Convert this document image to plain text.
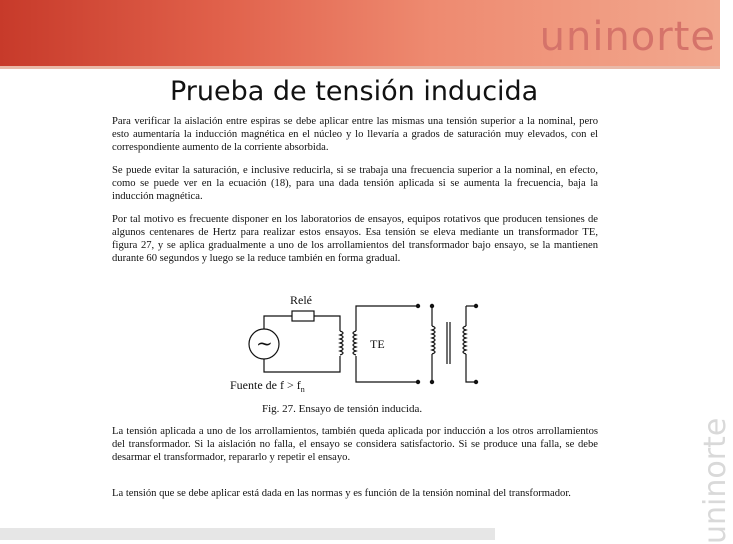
uninorte
uninorte
Prueba de tensión inducida

Para verificar la aislación entre espiras se debe aplicar entre las mismas una tensión superior a la nominal, pero esto aumentaría la inducción magnética en el núcleo y lo llevaría a grados de saturación muy elevados, con el correspondiente aumento de la corriente absorbida.

Se puede evitar la saturación, e inclusive reducirla, si se trabaja una frecuencia superior a la nominal, en efecto, como se puede ver en la ecuación (18), para una dada tensión aplicada si se aumenta la frecuencia, baja la inducción magnética.

Por tal motivo es frecuente disponer en los laboratorios de ensayos, equipos rotativos que producen tensiones de algunos centenares de Hertz para realizar estos ensayos. Esa tensión se eleva mediante un transformador TE, figura 27, y se aplica gradualmente a uno de los arrollamientos del transformador bajo ensayo, se la mantienen durante 60 segundos y luego se la reduce también en forma gradual.

~
Relé
TE
Fuente de $f > f_n$

Fig. 27. Ensayo de tensión inducida.

La tensión aplicada a uno de los arrollamientos, también queda aplicada por inducción a los otros arrollamientos del transformador. Si la aislación no falla, el ensayo se considera satisfactorio. Si se produce una falla, se debe desarmar el transformador, repararlo y repetir el ensayo.

La tensión que se debe aplicar está dada en las normas y es función de la tensión nominal del transformador.
